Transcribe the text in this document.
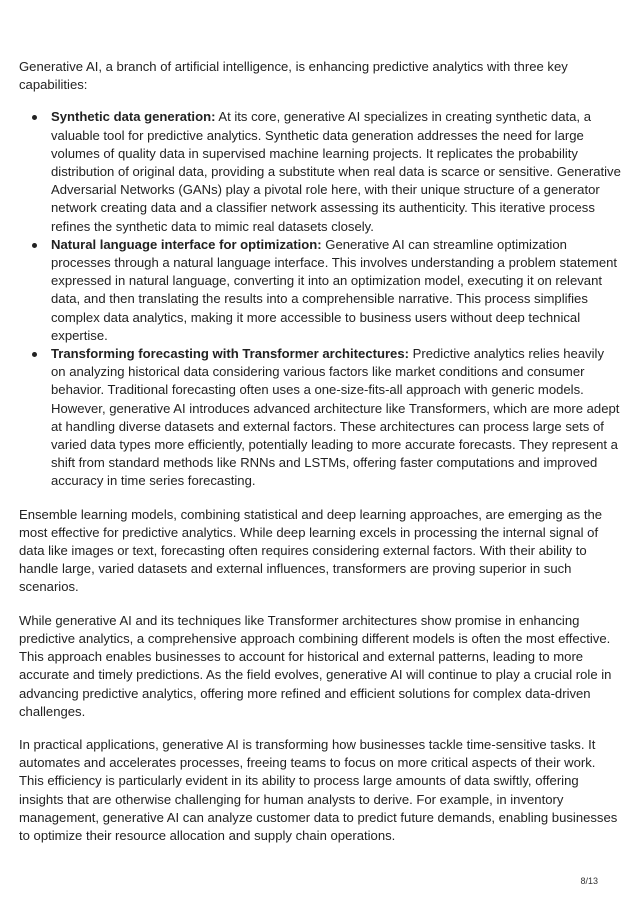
Generative AI, a branch of artificial intelligence, is enhancing predictive analytics with three key capabilities:

Synthetic data generation: At its core, generative AI specializes in creating synthetic data, a valuable tool for predictive analytics. Synthetic data generation addresses the need for large volumes of quality data in supervised machine learning projects. It replicates the probability distribution of original data, providing a substitute when real data is scarce or sensitive. Generative Adversarial Networks (GANs) play a pivotal role here, with their unique structure of a generator network creating data and a classifier network assessing its authenticity. This iterative process refines the synthetic data to mimic real datasets closely.
Natural language interface for optimization: Generative AI can streamline optimization processes through a natural language interface. This involves understanding a problem statement expressed in natural language, converting it into an optimization model, executing it on relevant data, and then translating the results into a comprehensible narrative. This process simplifies complex data analytics, making it more accessible to business users without deep technical expertise.
Transforming forecasting with Transformer architectures: Predictive analytics relies heavily on analyzing historical data considering various factors like market conditions and consumer behavior. Traditional forecasting often uses a one-size-fits-all approach with generic models. However, generative AI introduces advanced architecture like Transformers, which are more adept at handling diverse datasets and external factors. These architectures can process large sets of varied data types more efficiently, potentially leading to more accurate forecasts. They represent a shift from standard methods like RNNs and LSTMs, offering faster computations and improved accuracy in time series forecasting.

Ensemble learning models, combining statistical and deep learning approaches, are emerging as the most effective for predictive analytics. While deep learning excels in processing the internal signal of data like images or text, forecasting often requires considering external factors. With their ability to handle large, varied datasets and external influences, transformers are proving superior in such scenarios.

While generative AI and its techniques like Transformer architectures show promise in enhancing predictive analytics, a comprehensive approach combining different models is often the most effective. This approach enables businesses to account for historical and external patterns, leading to more accurate and timely predictions. As the field evolves, generative AI will continue to play a crucial role in advancing predictive analytics, offering more refined and efficient solutions for complex data-driven challenges.

In practical applications, generative AI is transforming how businesses tackle time-sensitive tasks. It automates and accelerates processes, freeing teams to focus on more critical aspects of their work. This efficiency is particularly evident in its ability to process large amounts of data swiftly, offering insights that are otherwise challenging for human analysts to derive. For example, in inventory management, generative AI can analyze customer data to predict future demands, enabling businesses to optimize their resource allocation and supply chain operations.

8/13
